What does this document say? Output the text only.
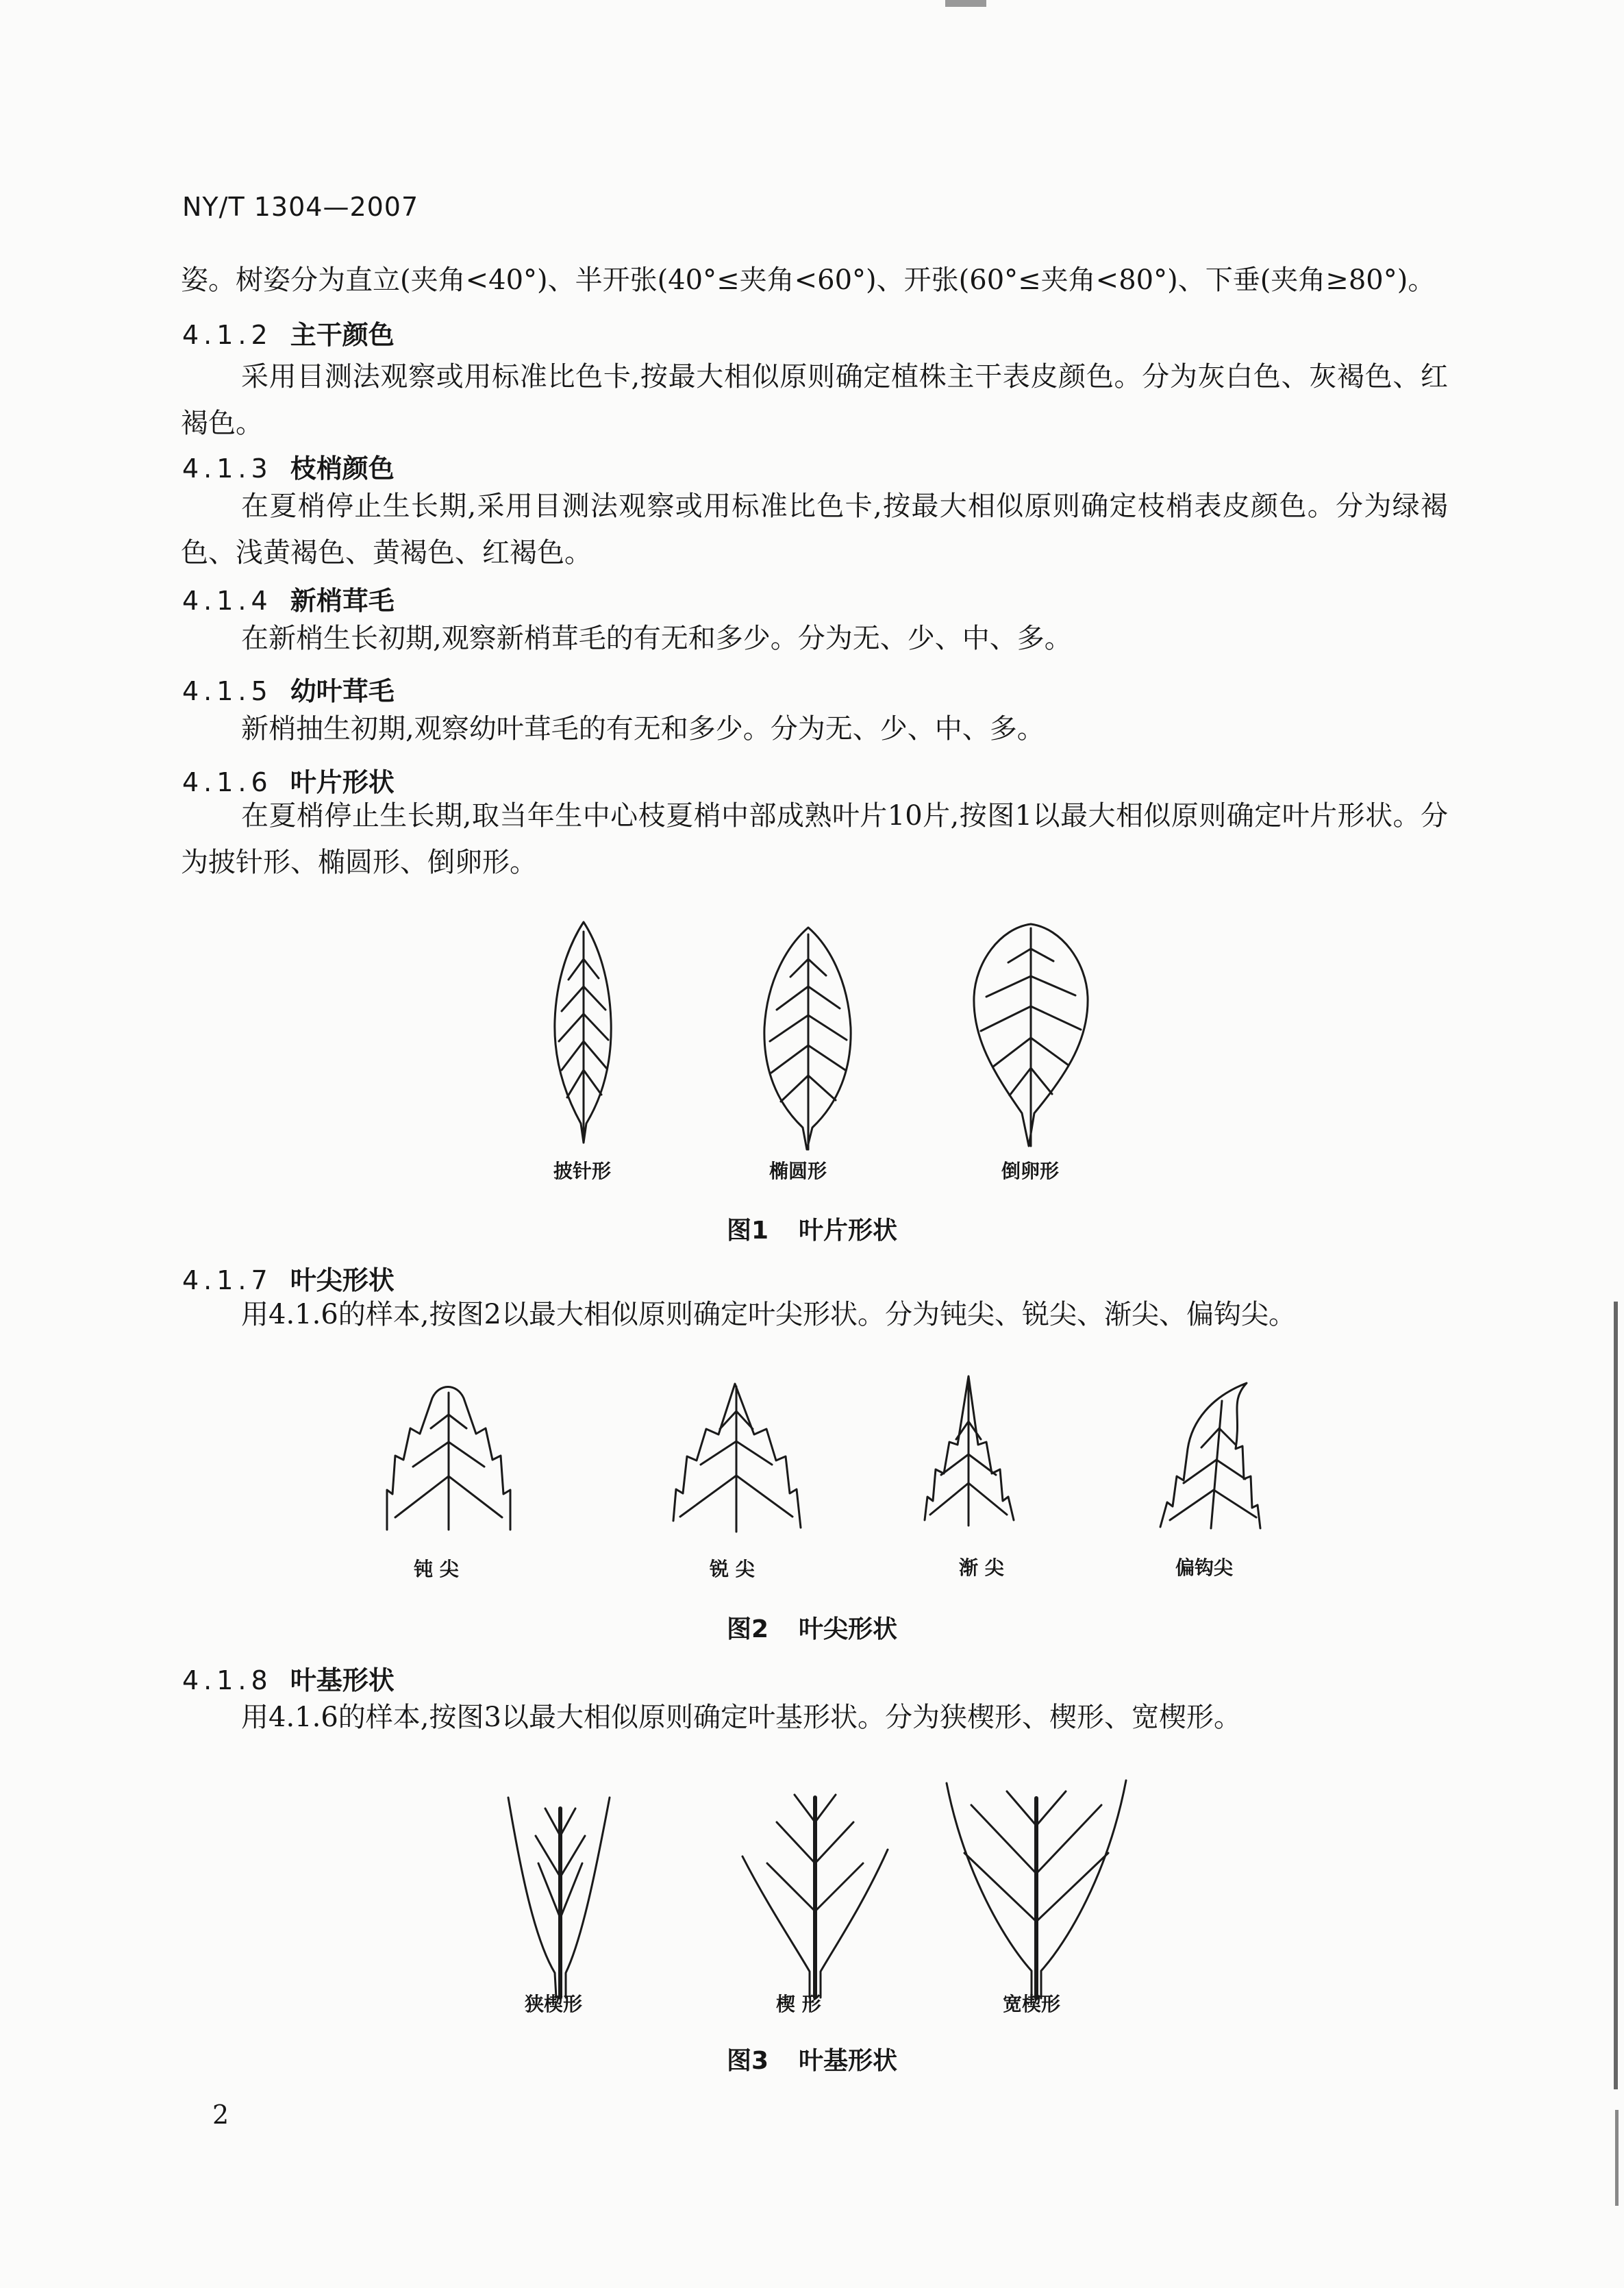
NY/T 1304—2007
姿。树姿分为直立(夹角<40°)、半开张(40°≤夹角<60°)、开张(60°≤夹角<80°)、下垂(夹角≥80°)。
4.1.2 主干颜色
采用目测法观察或用标准比色卡,按最大相似原则确定植株主干表皮颜色。分为灰白色、灰褐色、红褐色。
4.1.3 枝梢颜色
在夏梢停止生长期,采用目测法观察或用标准比色卡,按最大相似原则确定枝梢表皮颜色。分为绿褐色、浅黄褐色、黄褐色、红褐色。
4.1.4 新梢茸毛
在新梢生长初期,观察新梢茸毛的有无和多少。分为无、少、中、多。
4.1.5 幼叶茸毛
新梢抽生初期,观察幼叶茸毛的有无和多少。分为无、少、中、多。
4.1.6 叶片形状
在夏梢停止生长期,取当年生中心枝夏梢中部成熟叶片10片,按图1以最大相似原则确定叶片形状。分为披针形、椭圆形、倒卵形。
披针形	椭圆形	倒卵形
图1 叶片形状
4.1.7 叶尖形状
用4.1.6的样本,按图2以最大相似原则确定叶尖形状。分为钝尖、锐尖、渐尖、偏钩尖。
钝 尖	锐 尖	渐 尖	偏钩尖
图2 叶尖形状
4.1.8 叶基形状
用4.1.6的样本,按图3以最大相似原则确定叶基形状。分为狭楔形、楔形、宽楔形。
狭楔形	楔 形	宽楔形
图3 叶基形状
2
